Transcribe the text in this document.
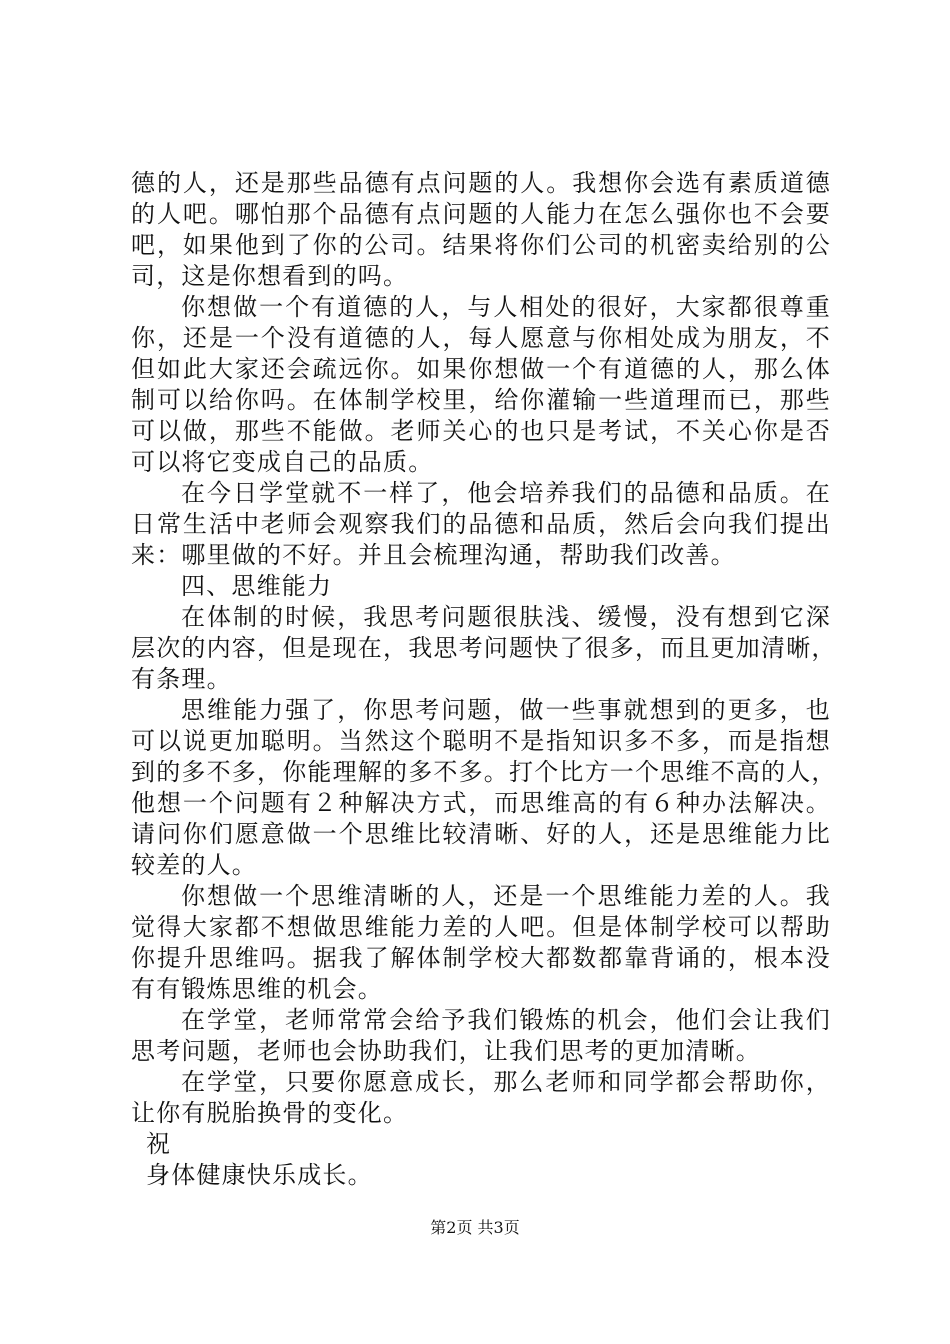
德的人，还是那些品德有点问题的人。我想你会选有素质道德
的人吧。哪怕那个品德有点问题的人能力在怎么强你也不会要
吧，如果他到了你的公司。结果将你们公司的机密卖给别的公
司，这是你想看到的吗。
你想做一个有道德的人，与人相处的很好，大家都很尊重
你，还是一个没有道德的人，每人愿意与你相处成为朋友，不
但如此大家还会疏远你。如果你想做一个有道德的人，那么体
制可以给你吗。在体制学校里，给你灌输一些道理而已，那些
可以做，那些不能做。老师关心的也只是考试，不关心你是否
可以将它变成自己的品质。
在今日学堂就不一样了，他会培养我们的品德和品质。在
日常生活中老师会观察我们的品德和品质，然后会向我们提出
来：哪里做的不好。并且会梳理沟通，帮助我们改善。
四、思维能力
在体制的时候，我思考问题很肤浅、缓慢，没有想到它深
层次的内容，但是现在，我思考问题快了很多，而且更加清晰，
有条理。
思维能力强了，你思考问题，做一些事就想到的更多，也
可以说更加聪明。当然这个聪明不是指知识多不多，而是指想
到的多不多，你能理解的多不多。打个比方一个思维不高的人，
他想一个问题有２种解决方式，而思维高的有６种办法解决。
请问你们愿意做一个思维比较清晰、好的人，还是思维能力比
较差的人。
你想做一个思维清晰的人，还是一个思维能力差的人。我
觉得大家都不想做思维能力差的人吧。但是体制学校可以帮助
你提升思维吗。据我了解体制学校大都数都靠背诵的，根本没
有有锻炼思维的机会。
在学堂，老师常常会给予我们锻炼的机会，他们会让我们
思考问题，老师也会协助我们，让我们思考的更加清晰。
在学堂，只要你愿意成长，那么老师和同学都会帮助你，
让你有脱胎换骨的变化。
祝
身体健康快乐成长。
第2页 共3页
